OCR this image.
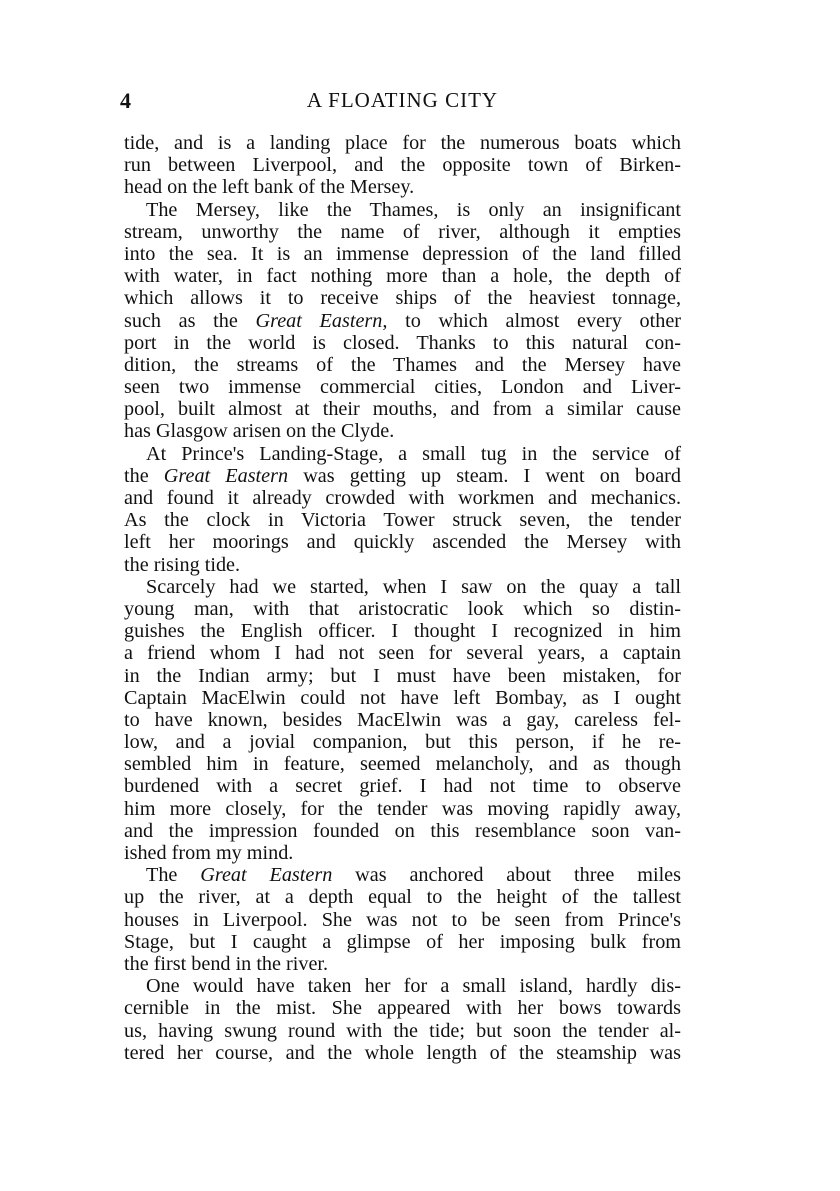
4	A FLOATING CITY
tide, and is a landing place for the numerous boats which
run between Liverpool, and the opposite town of Birken-
head on the left bank of the Mersey.
The Mersey, like the Thames, is only an insignificant
stream, unworthy the name of river, although it empties
into the sea. It is an immense depression of the land filled
with water, in fact nothing more than a hole, the depth of
which allows it to receive ships of the heaviest tonnage,
such as the Great Eastern, to which almost every other
port in the world is closed. Thanks to this natural con-
dition, the streams of the Thames and the Mersey have
seen two immense commercial cities, London and Liver-
pool, built almost at their mouths, and from a similar cause
has Glasgow arisen on the Clyde.
At Prince's Landing-Stage, a small tug in the service of
the Great Eastern was getting up steam. I went on board
and found it already crowded with workmen and mechanics.
As the clock in Victoria Tower struck seven, the tender
left her moorings and quickly ascended the Mersey with
the rising tide.
Scarcely had we started, when I saw on the quay a tall
young man, with that aristocratic look which so distin-
guishes the English officer. I thought I recognized in him
a friend whom I had not seen for several years, a captain
in the Indian army; but I must have been mistaken, for
Captain MacElwin could not have left Bombay, as I ought
to have known, besides MacElwin was a gay, careless fel-
low, and a jovial companion, but this person, if he re-
sembled him in feature, seemed melancholy, and as though
burdened with a secret grief. I had not time to observe
him more closely, for the tender was moving rapidly away,
and the impression founded on this resemblance soon van-
ished from my mind.
The Great Eastern was anchored about three miles
up the river, at a depth equal to the height of the tallest
houses in Liverpool. She was not to be seen from Prince's
Stage, but I caught a glimpse of her imposing bulk from
the first bend in the river.
One would have taken her for a small island, hardly dis-
cernible in the mist. She appeared with her bows towards
us, having swung round with the tide; but soon the tender al-
tered her course, and the whole length of the steamship was
